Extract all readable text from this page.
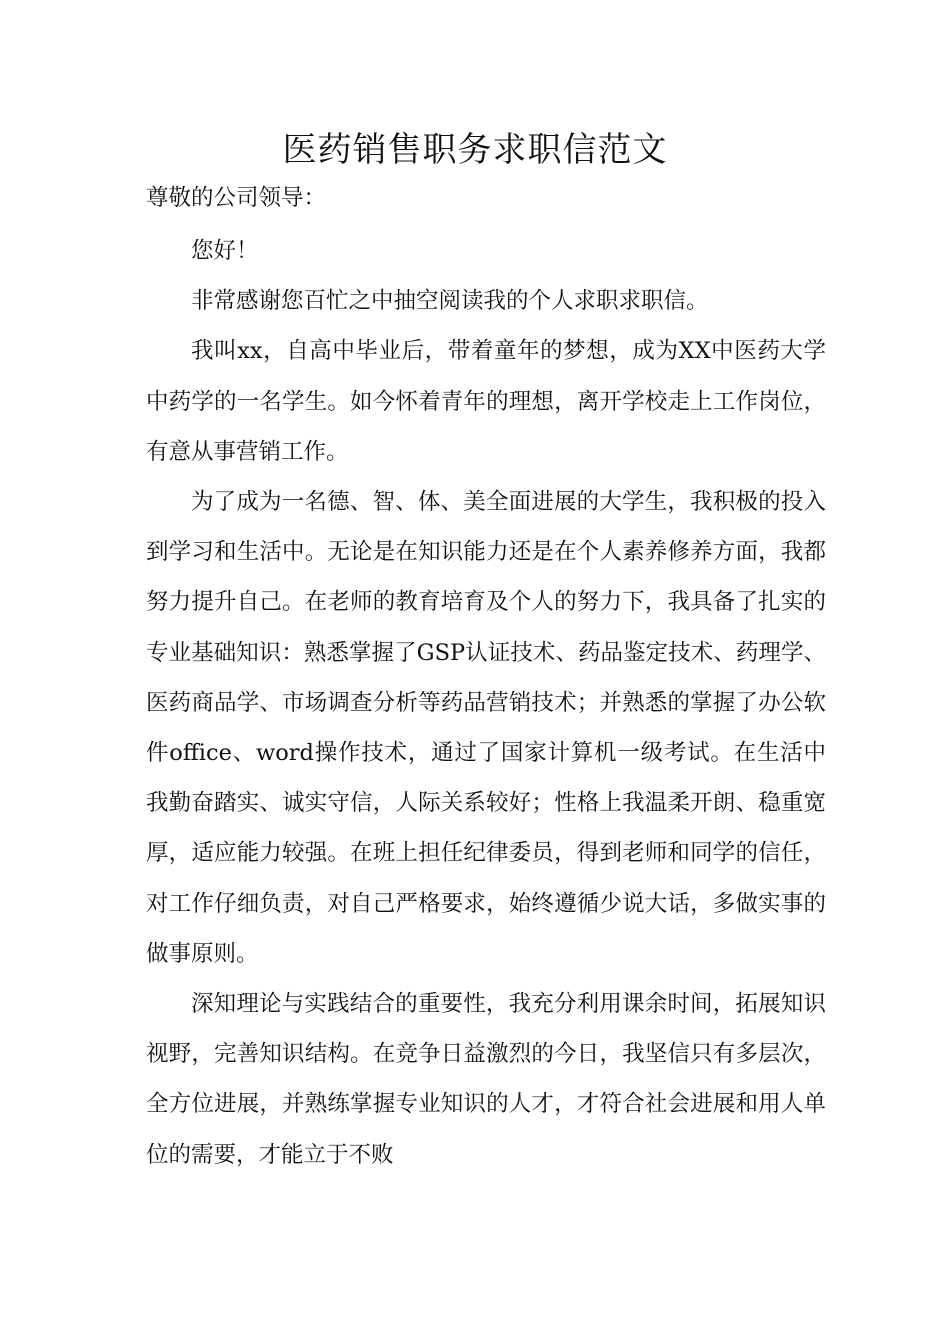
医药销售职务求职信范文
尊敬的公司领导：

您好！

非常感谢您百忙之中抽空阅读我的个人求职求职信。

我叫xx，自高中毕业后，带着童年的梦想，成为XX中医药大学中药学的一名学生。如今怀着青年的理想，离开学校走上工作岗位，有意从事营销工作。

为了成为一名德、智、体、美全面进展的大学生，我积极的投入到学习和生活中。无论是在知识能力还是在个人素养修养方面，我都努力提升自己。在老师的教育培育及个人的努力下，我具备了扎实的专业基础知识：熟悉掌握了GSP认证技术、药品鉴定技术、药理学、医药商品学、市场调查分析等药品营销技术；并熟悉的掌握了办公软件office、word操作技术，通过了国家计算机一级考试。在生活中我勤奋踏实、诚实守信，人际关系较好；性格上我温柔开朗、稳重宽厚，适应能力较强。在班上担任纪律委员，得到老师和同学的信任，对工作仔细负责，对自己严格要求，始终遵循少说大话，多做实事的做事原则。

深知理论与实践结合的重要性，我充分利用课余时间，拓展知识视野，完善知识结构。在竞争日益激烈的今日，我坚信只有多层次，全方位进展，并熟练掌握专业知识的人才，才符合社会进展和用人单位的需要，才能立于不败
